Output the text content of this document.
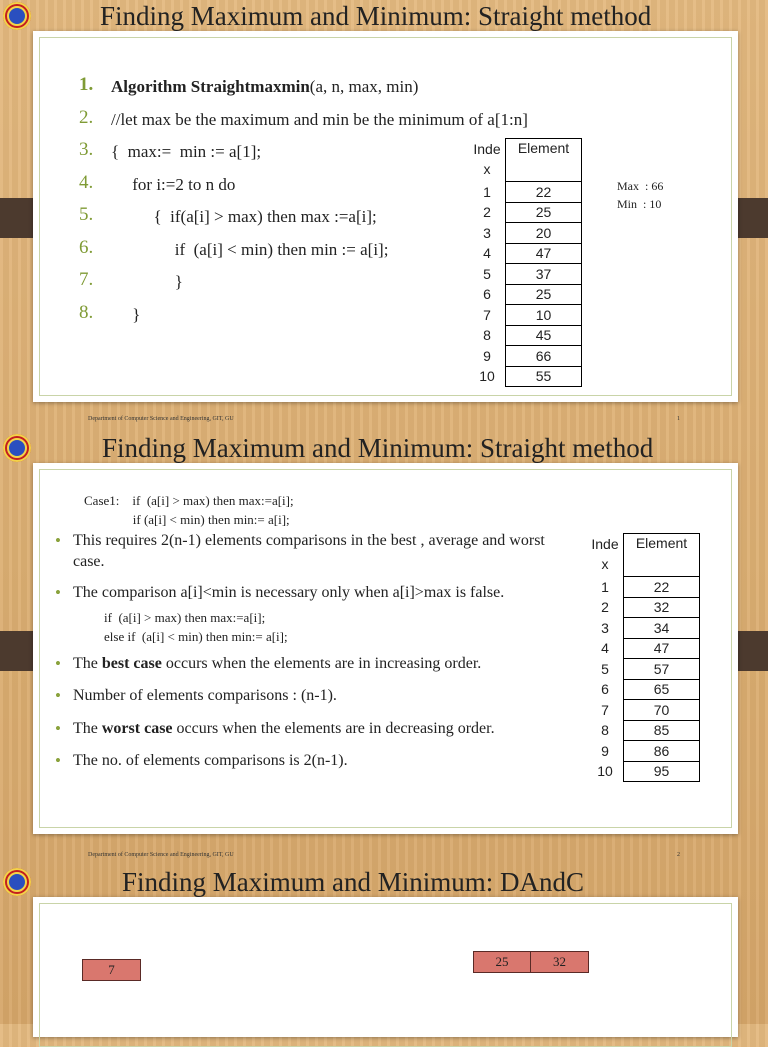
Finding Maximum and Minimum: Straight method
1. Algorithm Straightmaxmin(a, n, max, min)
2. //let max be the maximum and min be the minimum of a[1:n]
3. {  max:=  min := a[1];
4. for i:=2 to n do
5. {  if(a[i] > max) then max :=a[i];
6. if  (a[i] < min) then min := a[i];
7. }
8. }
Inde
x	Element
1	22
2	25
3	20
4	47
5	37
6	25
7	10
8	45
9	66
10	55
Max  : 66
Min  : 10
Department of Computer Science and Engineering, GIT, GU	1
Finding Maximum and Minimum: Straight method
Case1:    if  (a[i] > max) then max:=a[i];
if (a[i] < min) then min:= a[i];
• This requires 2(n-1) elements comparisons in the best , average and worst case.
• The comparison a[i]<min is necessary only when a[i]>max is false.
if  (a[i] > max) then max:=a[i];
else if  (a[i] < min) then min:= a[i];
• The best case occurs when the elements are in increasing order.
• Number of elements comparisons : (n-1).
• The worst case occurs when the elements are in decreasing order.
• The no. of elements comparisons is 2(n-1).
Inde
x	Element
1	22
2	32
3	34
4	47
5	57
6	65
7	70
8	85
9	86
10	95
Department of Computer Science and Engineering, GIT, GU	2
Finding Maximum and Minimum: DAndC
7
25	32
